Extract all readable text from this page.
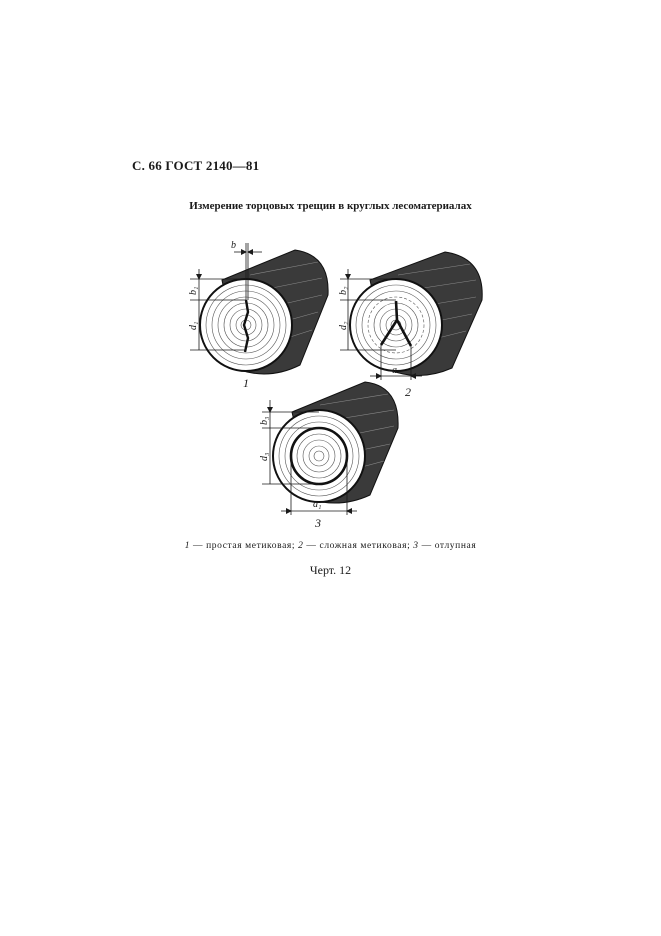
С. 66 ГОСТ 2140—81
Измерение торцовых трещин в круглых лесоматериалах
b
b₁
d₁
1
b₂
d₂
a
2
b₃
d₃
a₁
3
1 — простая метиковая; 2 — сложная метиковая; 3 — отлупная
Черт. 12
